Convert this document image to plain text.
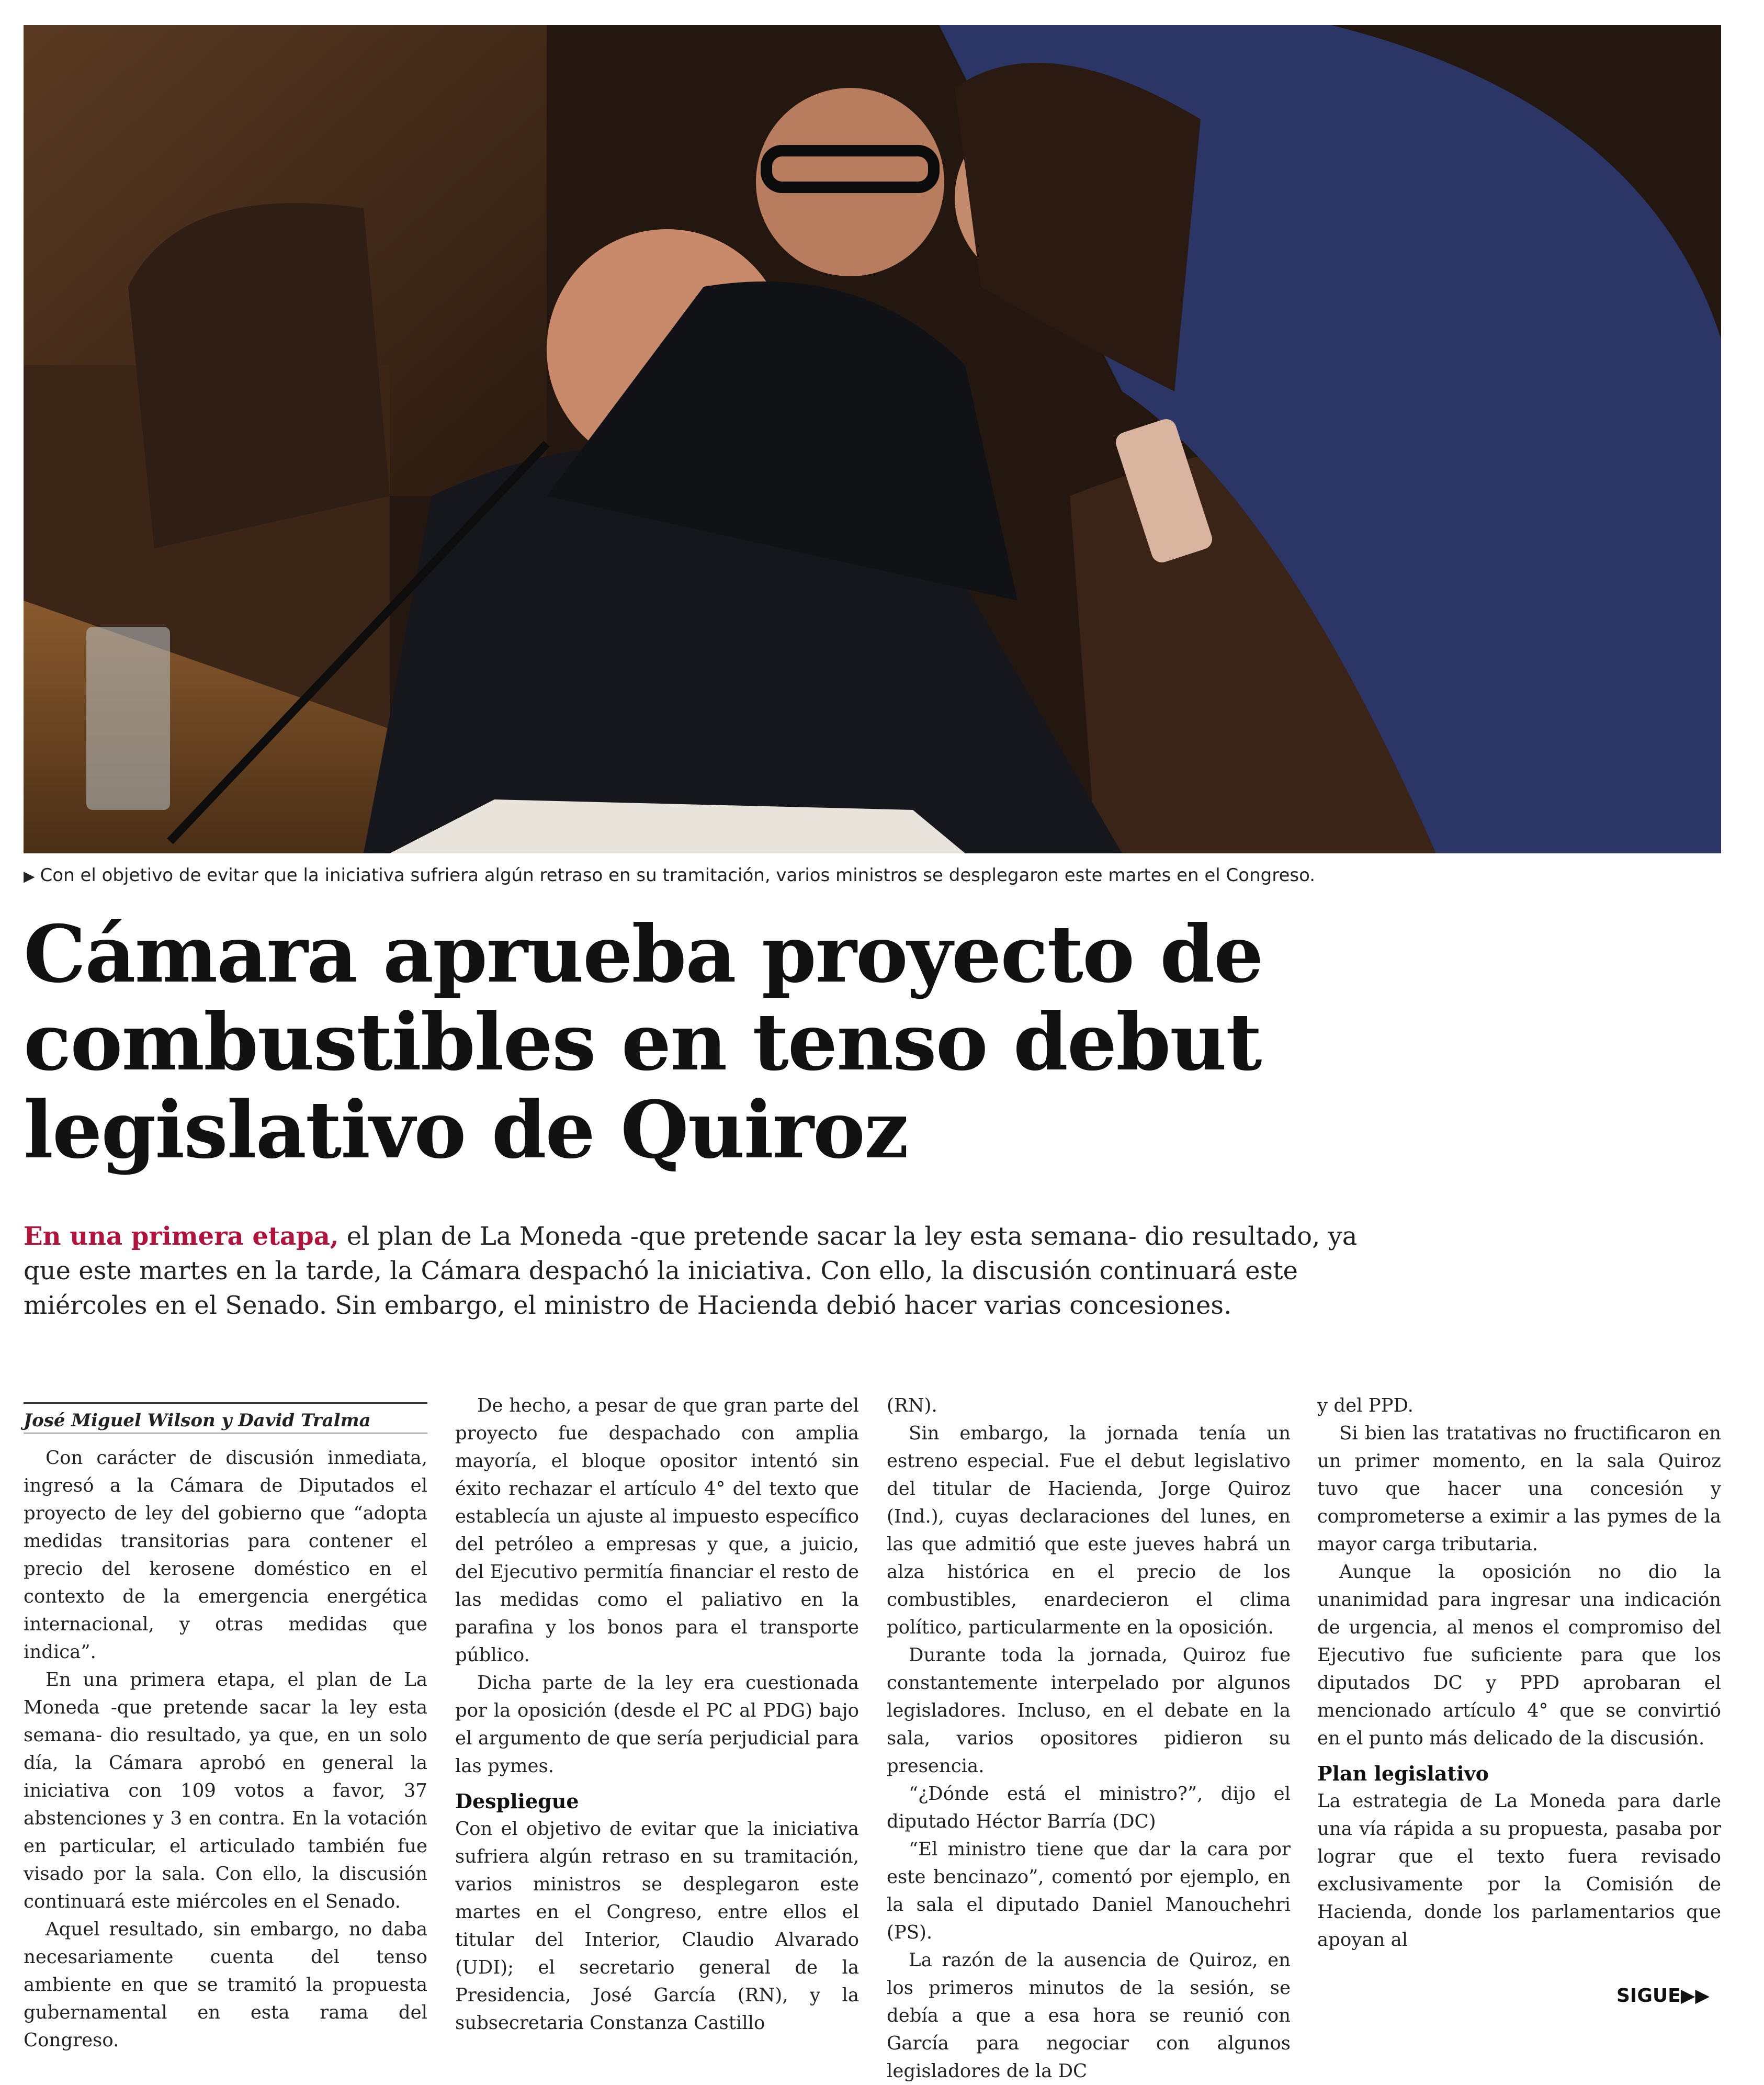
▶ Con el objetivo de evitar que la iniciativa sufriera algún retraso en su tramitación, varios ministros se desplegaron este martes en el Congreso.
Cámara aprueba proyecto de combustibles en tenso debut legislativo de Quiroz
En una primera etapa, el plan de La Moneda -que pretende sacar la ley esta semana- dio resultado, ya que este martes en la tarde, la Cámara despachó la iniciativa. Con ello, la discusión continuará este miércoles en el Senado. Sin embargo, el ministro de Hacienda debió hacer varias concesiones.
José Miguel Wilson y David Tralma

Con carácter de discusión inmediata, ingresó a la Cámara de Diputados el proyecto de ley del gobierno que “adopta medidas transitorias para contener el precio del kerosene doméstico en el contexto de la emergencia energética internacional, y otras medidas que indica”.

En una primera etapa, el plan de La Moneda -que pretende sacar la ley esta semana- dio resultado, ya que, en un solo día, la Cámara aprobó en general la iniciativa con 109 votos a favor, 37 abstenciones y 3 en contra. En la votación en particular, el articulado también fue visado por la sala. Con ello, la discusión continuará este miércoles en el Senado.

Aquel resultado, sin embargo, no daba necesariamente cuenta del tenso ambiente en que se tramitó la propuesta gubernamental en esta rama del Congreso.

De hecho, a pesar de que gran parte del proyecto fue despachado con amplia mayoría, el bloque opositor intentó sin éxito rechazar el artículo 4° del texto que establecía un ajuste al impuesto específico del petróleo a empresas y que, a juicio, del Ejecutivo permitía financiar el resto de las medidas como el paliativo en la parafina y los bonos para el transporte público.

Dicha parte de la ley era cuestionada por la oposición (desde el PC al PDG) bajo el argumento de que sería perjudicial para las pymes.

Despliegue

Con el objetivo de evitar que la iniciativa sufriera algún retraso en su tramitación, varios ministros se desplegaron este martes en el Congreso, entre ellos el titular del Interior, Claudio Alvarado (UDI); el secretario general de la Presidencia, José García (RN), y la subsecretaria Constanza Castillo

(RN).

Sin embargo, la jornada tenía un estreno especial. Fue el debut legislativo del titular de Hacienda, Jorge Quiroz (Ind.), cuyas declaraciones del lunes, en las que admitió que este jueves habrá un alza histórica en el precio de los combustibles, enardecieron el clima político, particularmente en la oposición.

Durante toda la jornada, Quiroz fue constantemente interpelado por algunos legisladores. Incluso, en el debate en la sala, varios opositores pidieron su presencia.

“¿Dónde está el ministro?”, dijo el diputado Héctor Barría (DC)

“El ministro tiene que dar la cara por este bencinazo”, comentó por ejemplo, en la sala el diputado Daniel Manouchehri (PS).

La razón de la ausencia de Quiroz, en los primeros minutos de la sesión, se debía a que a esa hora se reunió con García para negociar con algunos legisladores de la DC

y del PPD.

Si bien las tratativas no fructificaron en un primer momento, en la sala Quiroz tuvo que hacer una concesión y comprometerse a eximir a las pymes de la mayor carga tributaria.

Aunque la oposición no dio la unanimidad para ingresar una indicación de urgencia, al menos el compromiso del Ejecutivo fue suficiente para que los diputados DC y PPD aprobaran el mencionado artículo 4° que se convirtió en el punto más delicado de la discusión.

Plan legislativo

La estrategia de La Moneda para darle una vía rápida a su propuesta, pasaba por lograr que el texto fuera revisado exclusivamente por la Comisión de Hacienda, donde los parlamentarios que apoyan al

SIGUE▶▶
